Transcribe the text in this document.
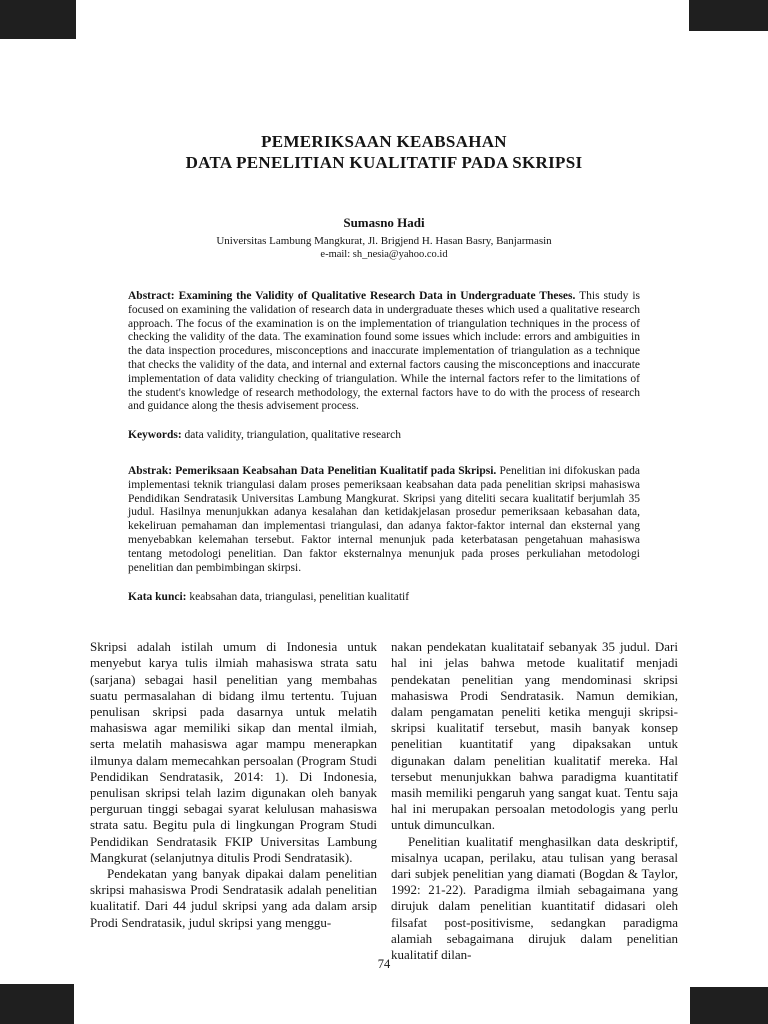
PEMERIKSAAN KEABSAHAN
DATA PENELITIAN KUALITATIF PADA SKRIPSI
Sumasno Hadi
Universitas Lambung Mangkurat, Jl. Brigjend H. Hasan Basry, Banjarmasin
e-mail: sh_nesia@yahoo.co.id

Abstract: Examining the Validity of Qualitative Research Data in Undergraduate Theses. This study is focused on examining the validation of research data in undergraduate theses which used a qualitative research approach. The focus of the examination is on the implementation of triangulation techniques in the process of checking the validity of the data. The examination found some issues which include: errors and ambiguities in the data inspection procedures, misconceptions and inaccurate implementation of triangulation as a technique that checks the validity of the data, and internal and external factors causing the misconceptions and inaccurate implementation of data validity checking of triangulation. While the internal factors refer to the limitations of the student's knowledge of research methodology, the external factors have to do with the process of research and guidance along the thesis advisement process.

Keywords: data validity, triangulation, qualitative research

Abstrak: Pemeriksaan Keabsahan Data Penelitian Kualitatif pada Skripsi. Penelitian ini difokuskan pada implementasi teknik triangulasi dalam proses pemeriksaan keabsahan data pada penelitian skripsi mahasiswa Pendidikan Sendratasik Universitas Lambung Mangkurat. Skripsi yang diteliti secara kualitatif berjumlah 35 judul. Hasilnya menunjukkan adanya kesalahan dan ketidakjelasan prosedur pemeriksaan kebasahan data, kekeliruan pemahaman dan implementasi triangulasi, dan adanya faktor-faktor internal dan eksternal yang menyebabkan kelemahan tersebut. Faktor internal menunjuk pada keterbatasan pengetahuan mahasiswa tentang metodologi penelitian. Dan faktor eksternalnya menunjuk pada proses perkuliahan metodologi penelitian dan pembimbingan skirpsi.

Kata kunci: keabsahan data, triangulasi, penelitian kualitatif

Skripsi adalah istilah umum di Indonesia untuk menyebut karya tulis ilmiah mahasiswa strata satu (sarjana) sebagai hasil penelitian yang membahas suatu permasalahan di bidang ilmu tertentu. Tujuan penulisan skripsi pada dasarnya untuk melatih mahasiswa agar memiliki sikap dan mental ilmiah, serta melatih mahasiswa agar mampu menerapkan ilmunya dalam memecahkan persoalan (Program Studi Pendidikan Sendratasik, 2014: 1). Di Indonesia, penulisan skripsi telah lazim digunakan oleh banyak perguruan tinggi sebagai syarat kelulusan mahasiswa strata satu. Begitu pula di lingkungan Program Studi Pendidikan Sendratasik FKIP Universitas Lambung Mangkurat (selanjutnya ditulis Prodi Sendratasik).

Pendekatan yang banyak dipakai dalam penelitian skripsi mahasiswa Prodi Sendratasik adalah penelitian kualitatif. Dari 44 judul skripsi yang ada dalam arsip Prodi Sendratasik, judul skripsi yang menggu-

nakan pendekatan kualitataif sebanyak 35 judul. Dari hal ini jelas bahwa metode kualitatif menjadi pendekatan penelitian yang mendominasi skripsi mahasiswa Prodi Sendratasik. Namun demikian, dalam pengamatan peneliti ketika menguji skripsi-skripsi kualitatif tersebut, masih banyak konsep penelitian kuantitatif yang dipaksakan untuk digunakan dalam penelitian kualitatif mereka. Hal tersebut menunjukkan bahwa paradigma kuantitatif masih memiliki pengaruh yang sangat kuat. Tentu saja hal ini merupakan persoalan metodologis yang perlu untuk dimunculkan.

Penelitian kualitatif menghasilkan data deskriptif, misalnya ucapan, perilaku, atau tulisan yang berasal dari subjek penelitian yang diamati (Bogdan & Taylor, 1992: 21-22). Paradigma ilmiah sebagaimana yang dirujuk dalam penelitian kuantitatif didasari oleh filsafat post-positivisme, sedangkan paradigma alamiah sebagaimana dirujuk dalam penelitian kualitatif dilan-

74
